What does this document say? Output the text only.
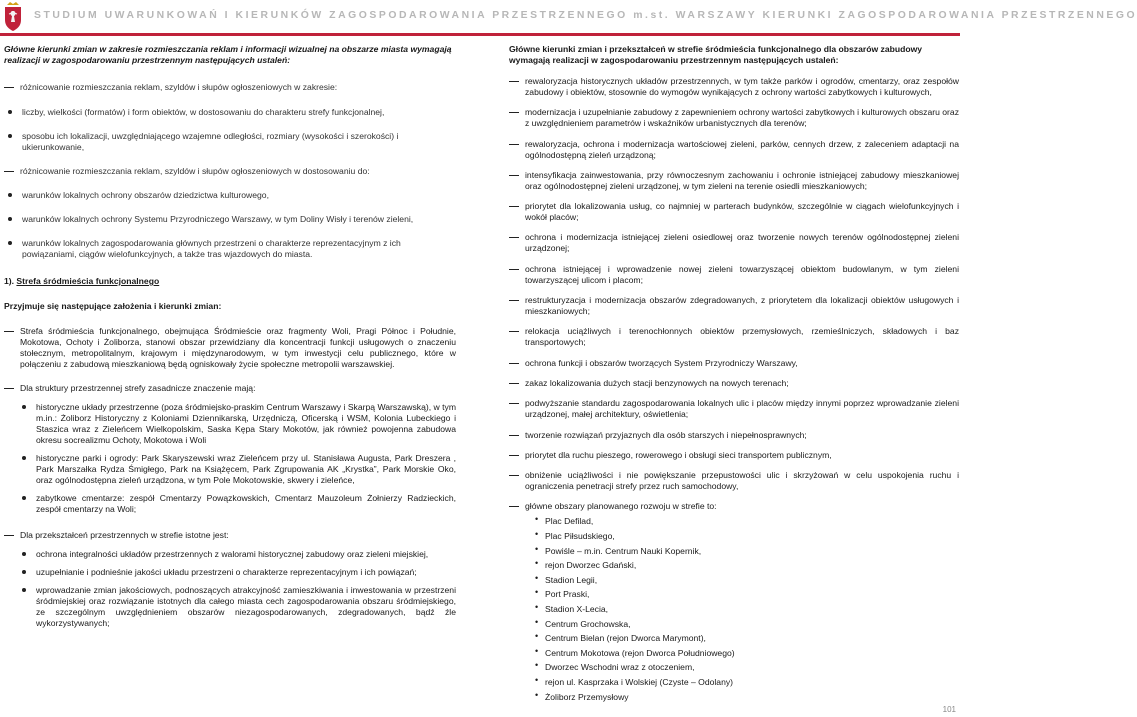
STUDIUM UWARUNKOWAŃ I KIERUNKÓW ZAGOSPODAROWANIA PRZESTRZENNEGO m.st. WARSZAWY KIERUNKI ZAGOSPODAROWANIA PRZESTRZENNEGO
Główne kierunki zmian w zakresie rozmieszczania reklam i informacji wizualnej na obszarze miasta wymagają realizacji w zagospodarowaniu przestrzennym następujących ustaleń:
różnicowanie rozmieszczania reklam, szyldów i słupów ogłoszeniowych w zakresie:
liczby, wielkości (formatów) i form obiektów, w dostosowaniu do charakteru strefy funkcjonalnej,
sposobu ich lokalizacji, uwzględniającego wzajemne odległości, rozmiary (wysokości i szerokości) i ukierunkowanie,
różnicowanie rozmieszczania reklam, szyldów i słupów ogłoszeniowych w dostosowaniu do:
warunków lokalnych ochrony obszarów dziedzictwa kulturowego,
warunków lokalnych ochrony Systemu Przyrodniczego Warszawy, w tym Doliny Wisły i terenów zieleni,
warunków lokalnych zagospodarowania głównych przestrzeni o charakterze reprezentacyjnym z ich powiązaniami, ciągów wielofunkcyjnych, a także tras wjazdowych do miasta.
1). Strefa śródmieścia funkcjonalnego
Przyjmuje się następujące założenia i kierunki zmian:
Strefa śródmieścia funkcjonalnego, obejmująca Śródmieście oraz fragmenty Woli, Pragi Północ i Południe, Mokotowa, Ochoty i Żoliborza, stanowi obszar przewidziany dla koncentracji funkcji usługowych o znaczeniu stołecznym, metropolitalnym, krajowym i międzynarodowym, w tym inwestycji celu publicznego, które w połączeniu z zabudową mieszkaniową będą ogniskowały życie społeczne metropolii warszawskiej.
Dla struktury przestrzennej strefy zasadnicze znaczenie mają:
historyczne układy przestrzenne (poza śródmiejsko-praskim Centrum Warszawy i Skarpą Warszawską), w tym m.in.: Żoliborz Historyczny z Koloniami Dziennikarską, Urzędniczą, Oficerską i WSM, Kolonia Lubeckiego i Staszica wraz z Zieleńcem Wielkopolskim, Saska Kępa Stary Mokotów, jak również powojenna zabudowa okresu socrealizmu Ochoty, Mokotowa i Woli
historyczne parki i ogrody: Park Skaryszewski wraz Zieleńcem przy ul. Stanisława Augusta, Park Dreszera , Park Marszałka Rydza Śmigłego, Park na Książęcem, Park Zgrupowania AK „Krystka”, Park Morskie Oko, oraz ogólnodostępna zieleń urządzona, w tym Pole Mokotowskie, skwery i zieleńce,
zabytkowe cmentarze: zespół Cmentarzy Powązkowskich, Cmentarz Mauzoleum Żołnierzy Radzieckich, zespół cmentarzy na Woli;
Dla przekształceń przestrzennych w strefie istotne jest:
ochrona integralności układów przestrzennych z walorami historycznej zabudowy oraz zieleni miejskiej,
uzupełnianie i podnieśnie jakości układu przestrzeni o charakterze reprezentacyjnym i ich powiązań;
wprowadzanie zmian jakościowych, podnoszących atrakcyjność zamieszkiwania i inwestowania w przestrzeni śródmiejskiej oraz rozwiązanie istotnych dla całego miasta cech zagospodarowania obszaru śródmiejskiego, ze szczególnym uwzględnieniem obszarów niezagospodarowanych, zdegradowanych, bądź źle wykorzystywanych;
Główne kierunki zmian i przekształceń w strefie śródmieścia funkcjonalnego dla obszarów zabudowy wymagają realizacji w zagospodarowaniu przestrzennym następujących ustaleń:
rewaloryzacja historycznych układów przestrzennych, w tym także parków i ogrodów, cmentarzy, oraz zespołów zabudowy i obiektów, stosownie do wymogów wynikających z ochrony wartości zabytkowych i kulturowych,
modernizacja i uzupełnianie zabudowy z zapewnieniem ochrony wartości zabytkowych i kulturowych obszaru oraz z uwzględnieniem parametrów i wskaźników urbanistycznych dla terenów;
rewaloryzacja, ochrona i modernizacja wartościowej zieleni, parków, cennych drzew, z zaleceniem adaptacji na ogólnodostępną zieleń urządzoną;
intensyfikacja zainwestowania, przy równoczesnym zachowaniu i ochronie istniejącej zabudowy mieszkaniowej oraz ogólnodostępnej zieleni urządzonej, w tym zieleni na terenie osiedli mieszkaniowych;
priorytet dla lokalizowania usług, co najmniej w parterach budynków, szczególnie w ciągach wielofunkcyjnych i wokół placów;
ochrona i modernizacja istniejącej zieleni osiedlowej oraz tworzenie nowych terenów ogólnodostępnej zieleni urządzonej;
ochrona istniejącej i wprowadzenie nowej zieleni towarzyszącej obiektom budowlanym, w tym zieleni towarzyszącej ulicom i placom;
restrukturyzacja i modernizacja obszarów zdegradowanych, z priorytetem dla lokalizacji obiektów usługowych i mieszkaniowych;
relokacja uciążliwych i terenochłonnych obiektów przemysłowych, rzemieślniczych, składowych i baz transportowych;
ochrona funkcji i obszarów tworzących System Przyrodniczy Warszawy,
zakaz lokalizowania dużych stacji benzynowych na nowych terenach;
podwyższanie standardu zagospodarowania lokalnych ulic i placów między innymi poprzez wprowadzanie zieleni urządzonej, małej architektury, oświetlenia;
tworzenie rozwiązań przyjaznych dla osób starszych i niepełnosprawnych;
priorytet dla ruchu pieszego, rowerowego i obsługi sieci transportem publicznym,
obniżenie uciążliwości i nie powiększanie przepustowości ulic i skrzyżowań w celu uspokojenia ruchu i ograniczenia penetracji strefy przez ruch samochodowy,
główne obszary planowanego rozwoju w strefie to:
• Plac Defilad,
• Plac Piłsudskiego,
• Powiśle – m.in. Centrum Nauki Kopernik,
• rejon Dworzec Gdański,
• Stadion Legii,
• Port Praski,
• Stadion X-Lecia,
• Centrum Grochowska,
• Centrum Bielan (rejon Dworca Marymont),
• Centrum Mokotowa (rejon Dworca Południowego)
• Dworzec Wschodni wraz z otoczeniem,
• rejon ul. Kasprzaka i Wolskiej (Czyste – Odolany)
• Żoliborz Przemysłowy
101
